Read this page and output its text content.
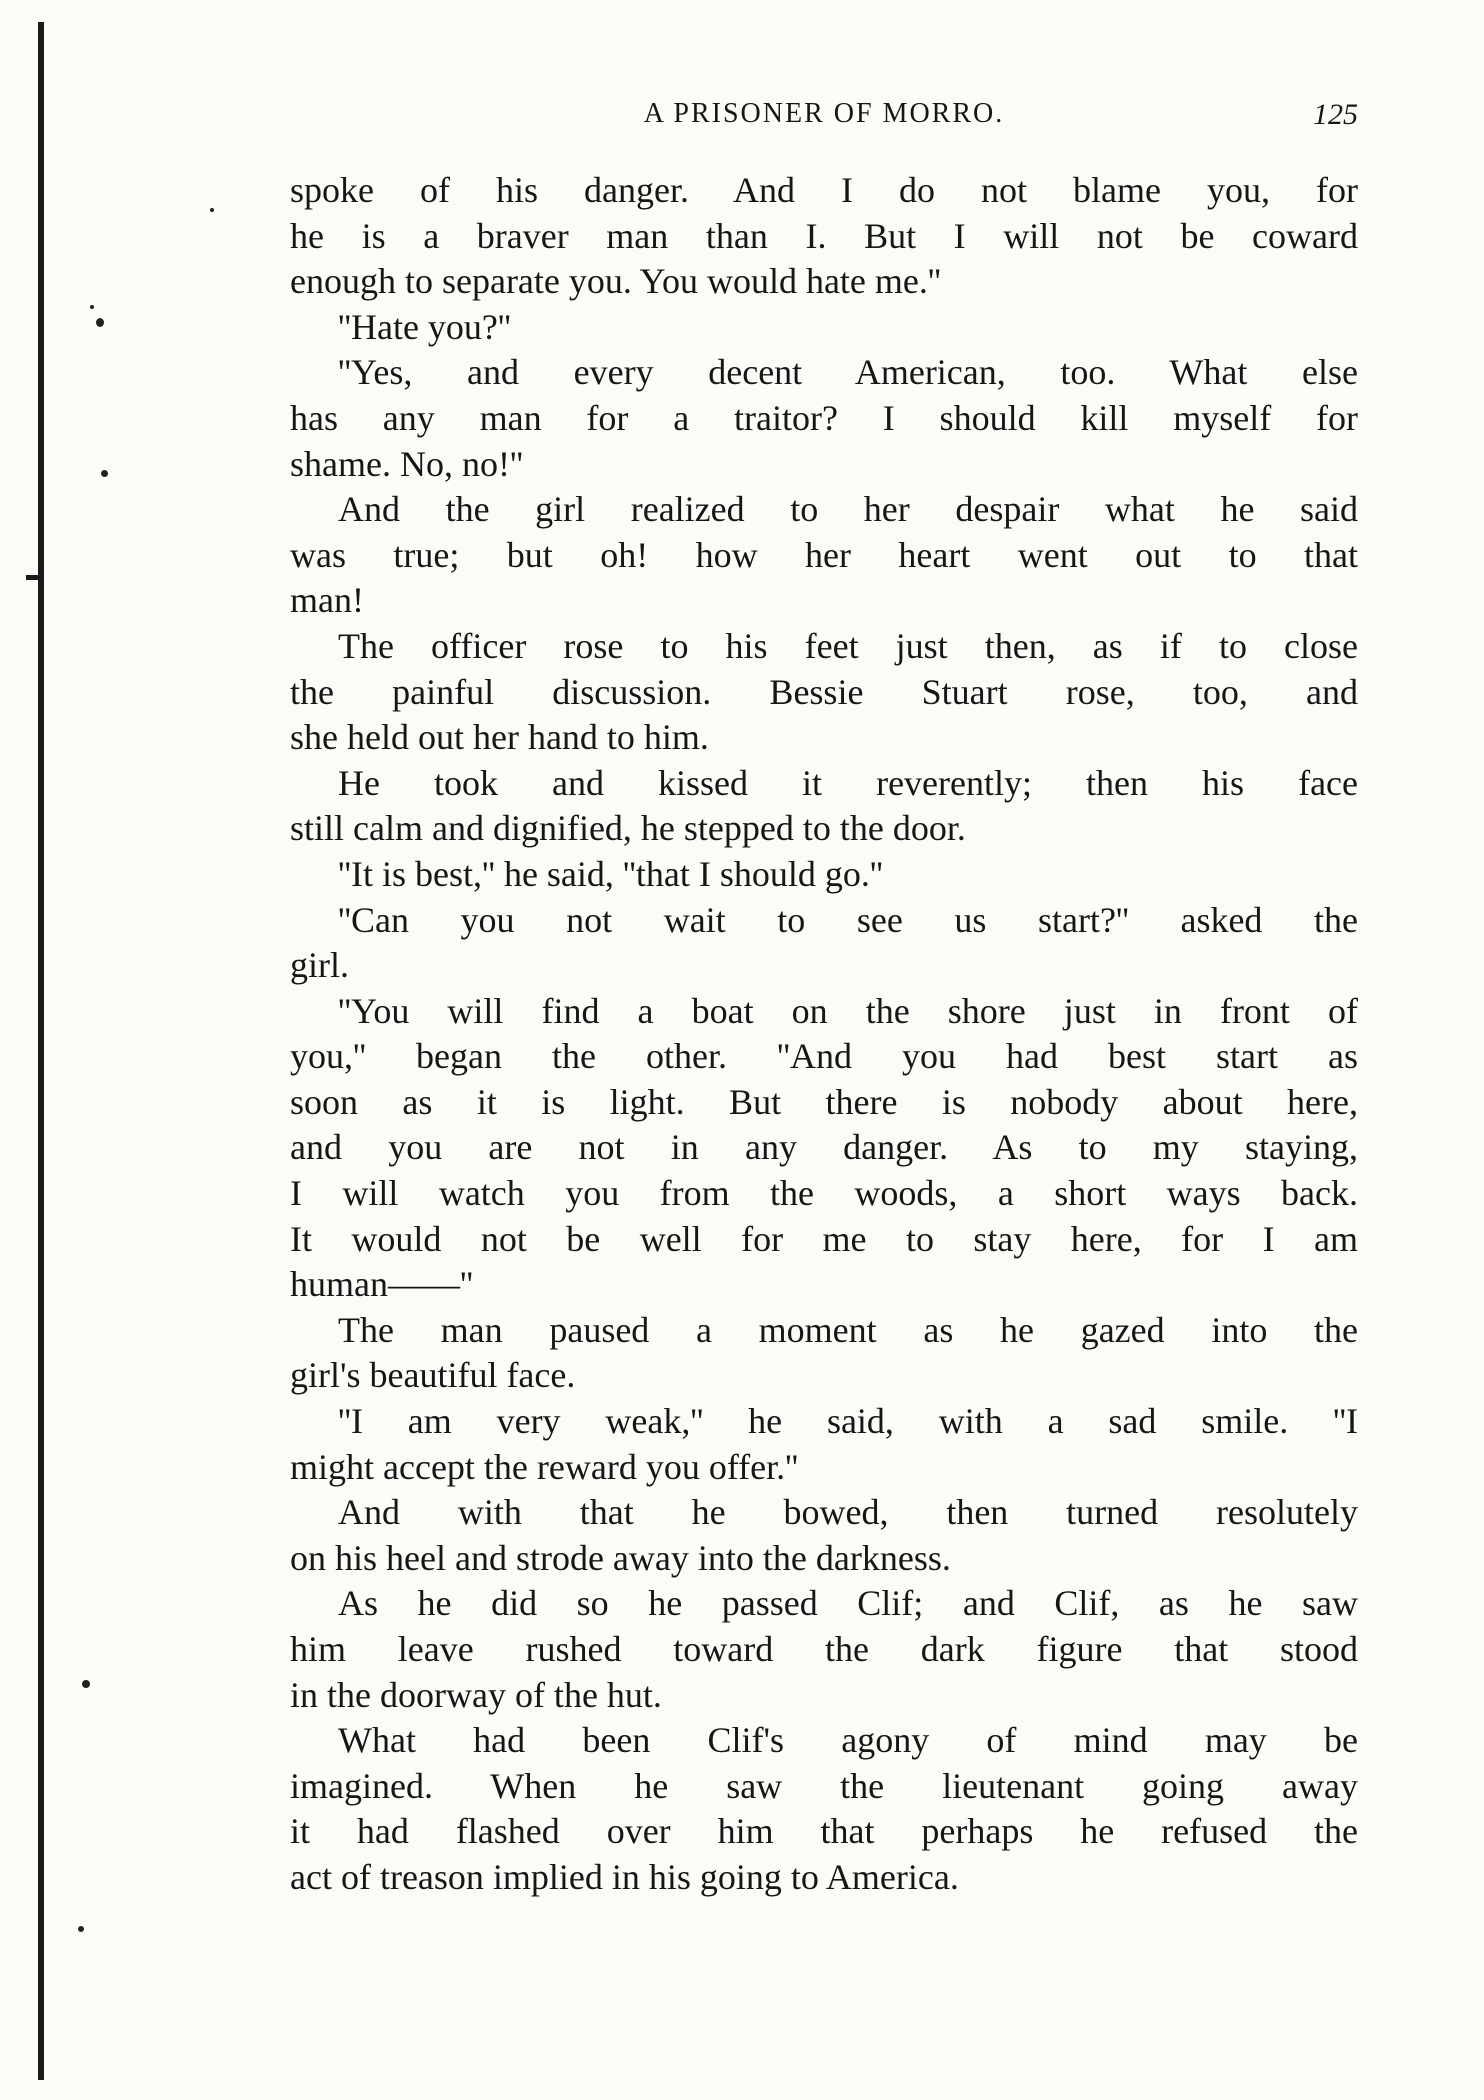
A PRISONER OF MORRO.	125
spoke of his danger. And I do not blame you, for
he is a braver man than I. But I will not be coward
enough to separate you. You would hate me.''
''Hate you?''
''Yes, and every decent American, too. What else
has any man for a traitor? I should kill myself for
shame. No, no!''
And the girl realized to her despair what he said
was true; but oh! how her heart went out to that
man!
The officer rose to his feet just then, as if to close
the painful discussion. Bessie Stuart rose, too, and
she held out her hand to him.
He took and kissed it reverently; then his face
still calm and dignified, he stepped to the door.
''It is best,'' he said, ''that I should go.''
''Can you not wait to see us start?'' asked the
girl.
''You will find a boat on the shore just in front of
you,'' began the other. ''And you had best start as
soon as it is light. But there is nobody about here,
and you are not in any danger. As to my staying,
I will watch you from the woods, a short ways back.
It would not be well for me to stay here, for I am
human——''
The man paused a moment as he gazed into the
girl's beautiful face.
''I am very weak,'' he said, with a sad smile. ''I
might accept the reward you offer.''
And with that he bowed, then turned resolutely
on his heel and strode away into the darkness.
As he did so he passed Clif; and Clif, as he saw
him leave rushed toward the dark figure that stood
in the doorway of the hut.
What had been Clif's agony of mind may be
imagined. When he saw the lieutenant going away
it had flashed over him that perhaps he refused the
act of treason implied in his going to America.
